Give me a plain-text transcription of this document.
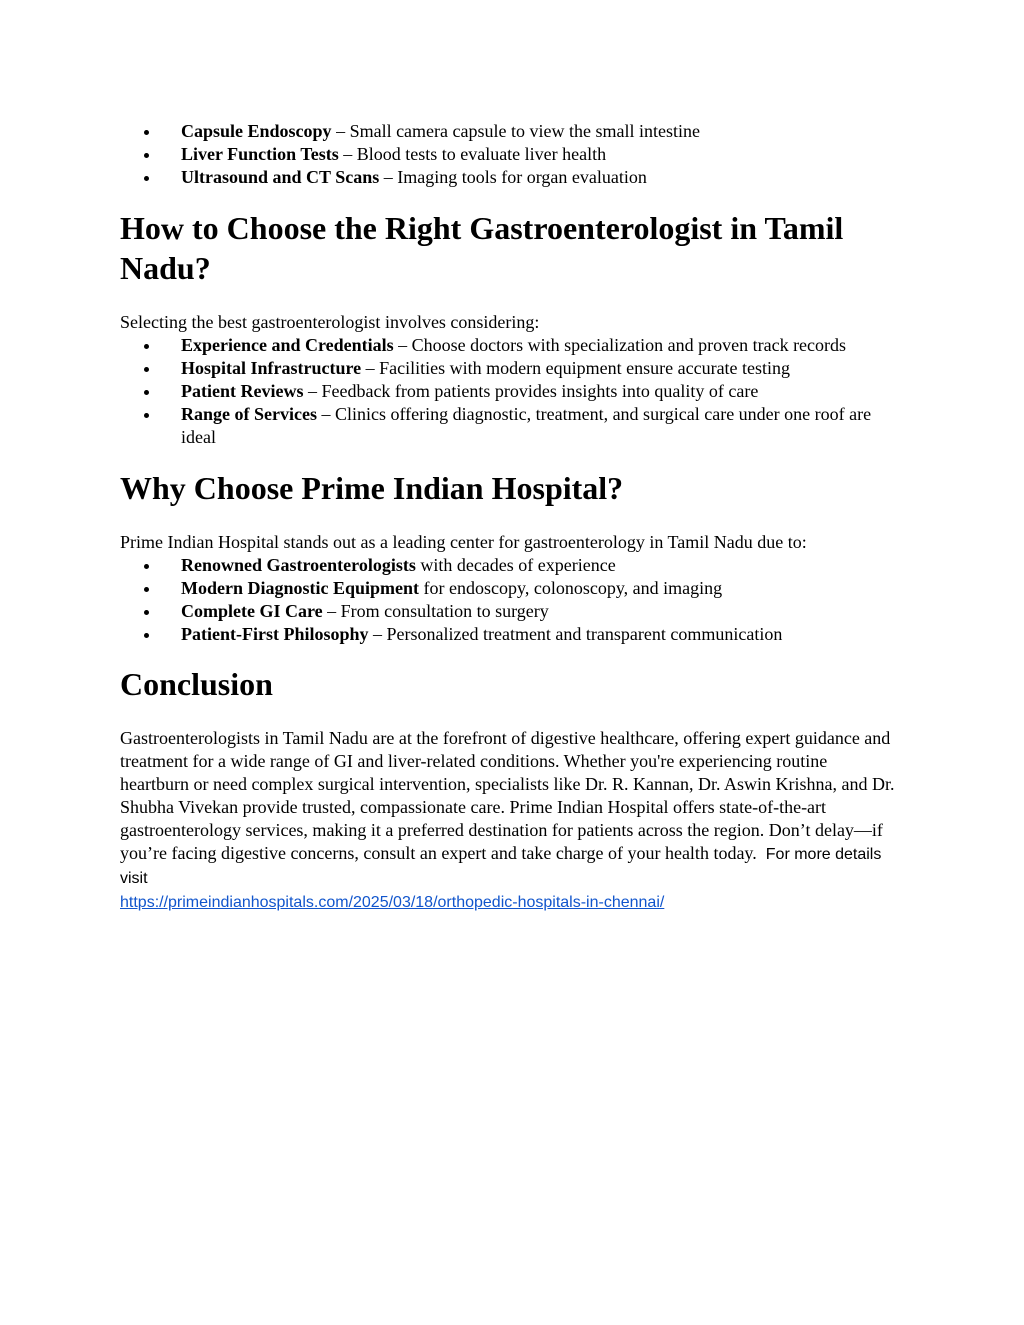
Capsule Endoscopy – Small camera capsule to view the small intestine
Liver Function Tests – Blood tests to evaluate liver health
Ultrasound and CT Scans – Imaging tools for organ evaluation
How to Choose the Right Gastroenterologist in Tamil Nadu?

Selecting the best gastroenterologist involves considering:

Experience and Credentials – Choose doctors with specialization and proven track records
Hospital Infrastructure – Facilities with modern equipment ensure accurate testing
Patient Reviews – Feedback from patients provides insights into quality of care
Range of Services – Clinics offering diagnostic, treatment, and surgical care under one roof are ideal
Why Choose Prime Indian Hospital?

Prime Indian Hospital stands out as a leading center for gastroenterology in Tamil Nadu due to:

Renowned Gastroenterologists with decades of experience
Modern Diagnostic Equipment for endoscopy, colonoscopy, and imaging
Complete GI Care – From consultation to surgery
Patient-First Philosophy – Personalized treatment and transparent communication
Conclusion

Gastroenterologists in Tamil Nadu are at the forefront of digestive healthcare, offering expert guidance and treatment for a wide range of GI and liver-related conditions. Whether you're experiencing routine heartburn or need complex surgical intervention, specialists like Dr. R. Kannan, Dr. Aswin Krishna, and Dr. Shubha Vivekan provide trusted, compassionate care. Prime Indian Hospital offers state-of-the-art gastroenterology services, making it a preferred destination for patients across the region. Don’t delay—if you’re facing digestive concerns, consult an expert and take charge of your health today. For more details visit
https://primeindianhospitals.com/2025/03/18/orthopedic-hospitals-in-chennai/
